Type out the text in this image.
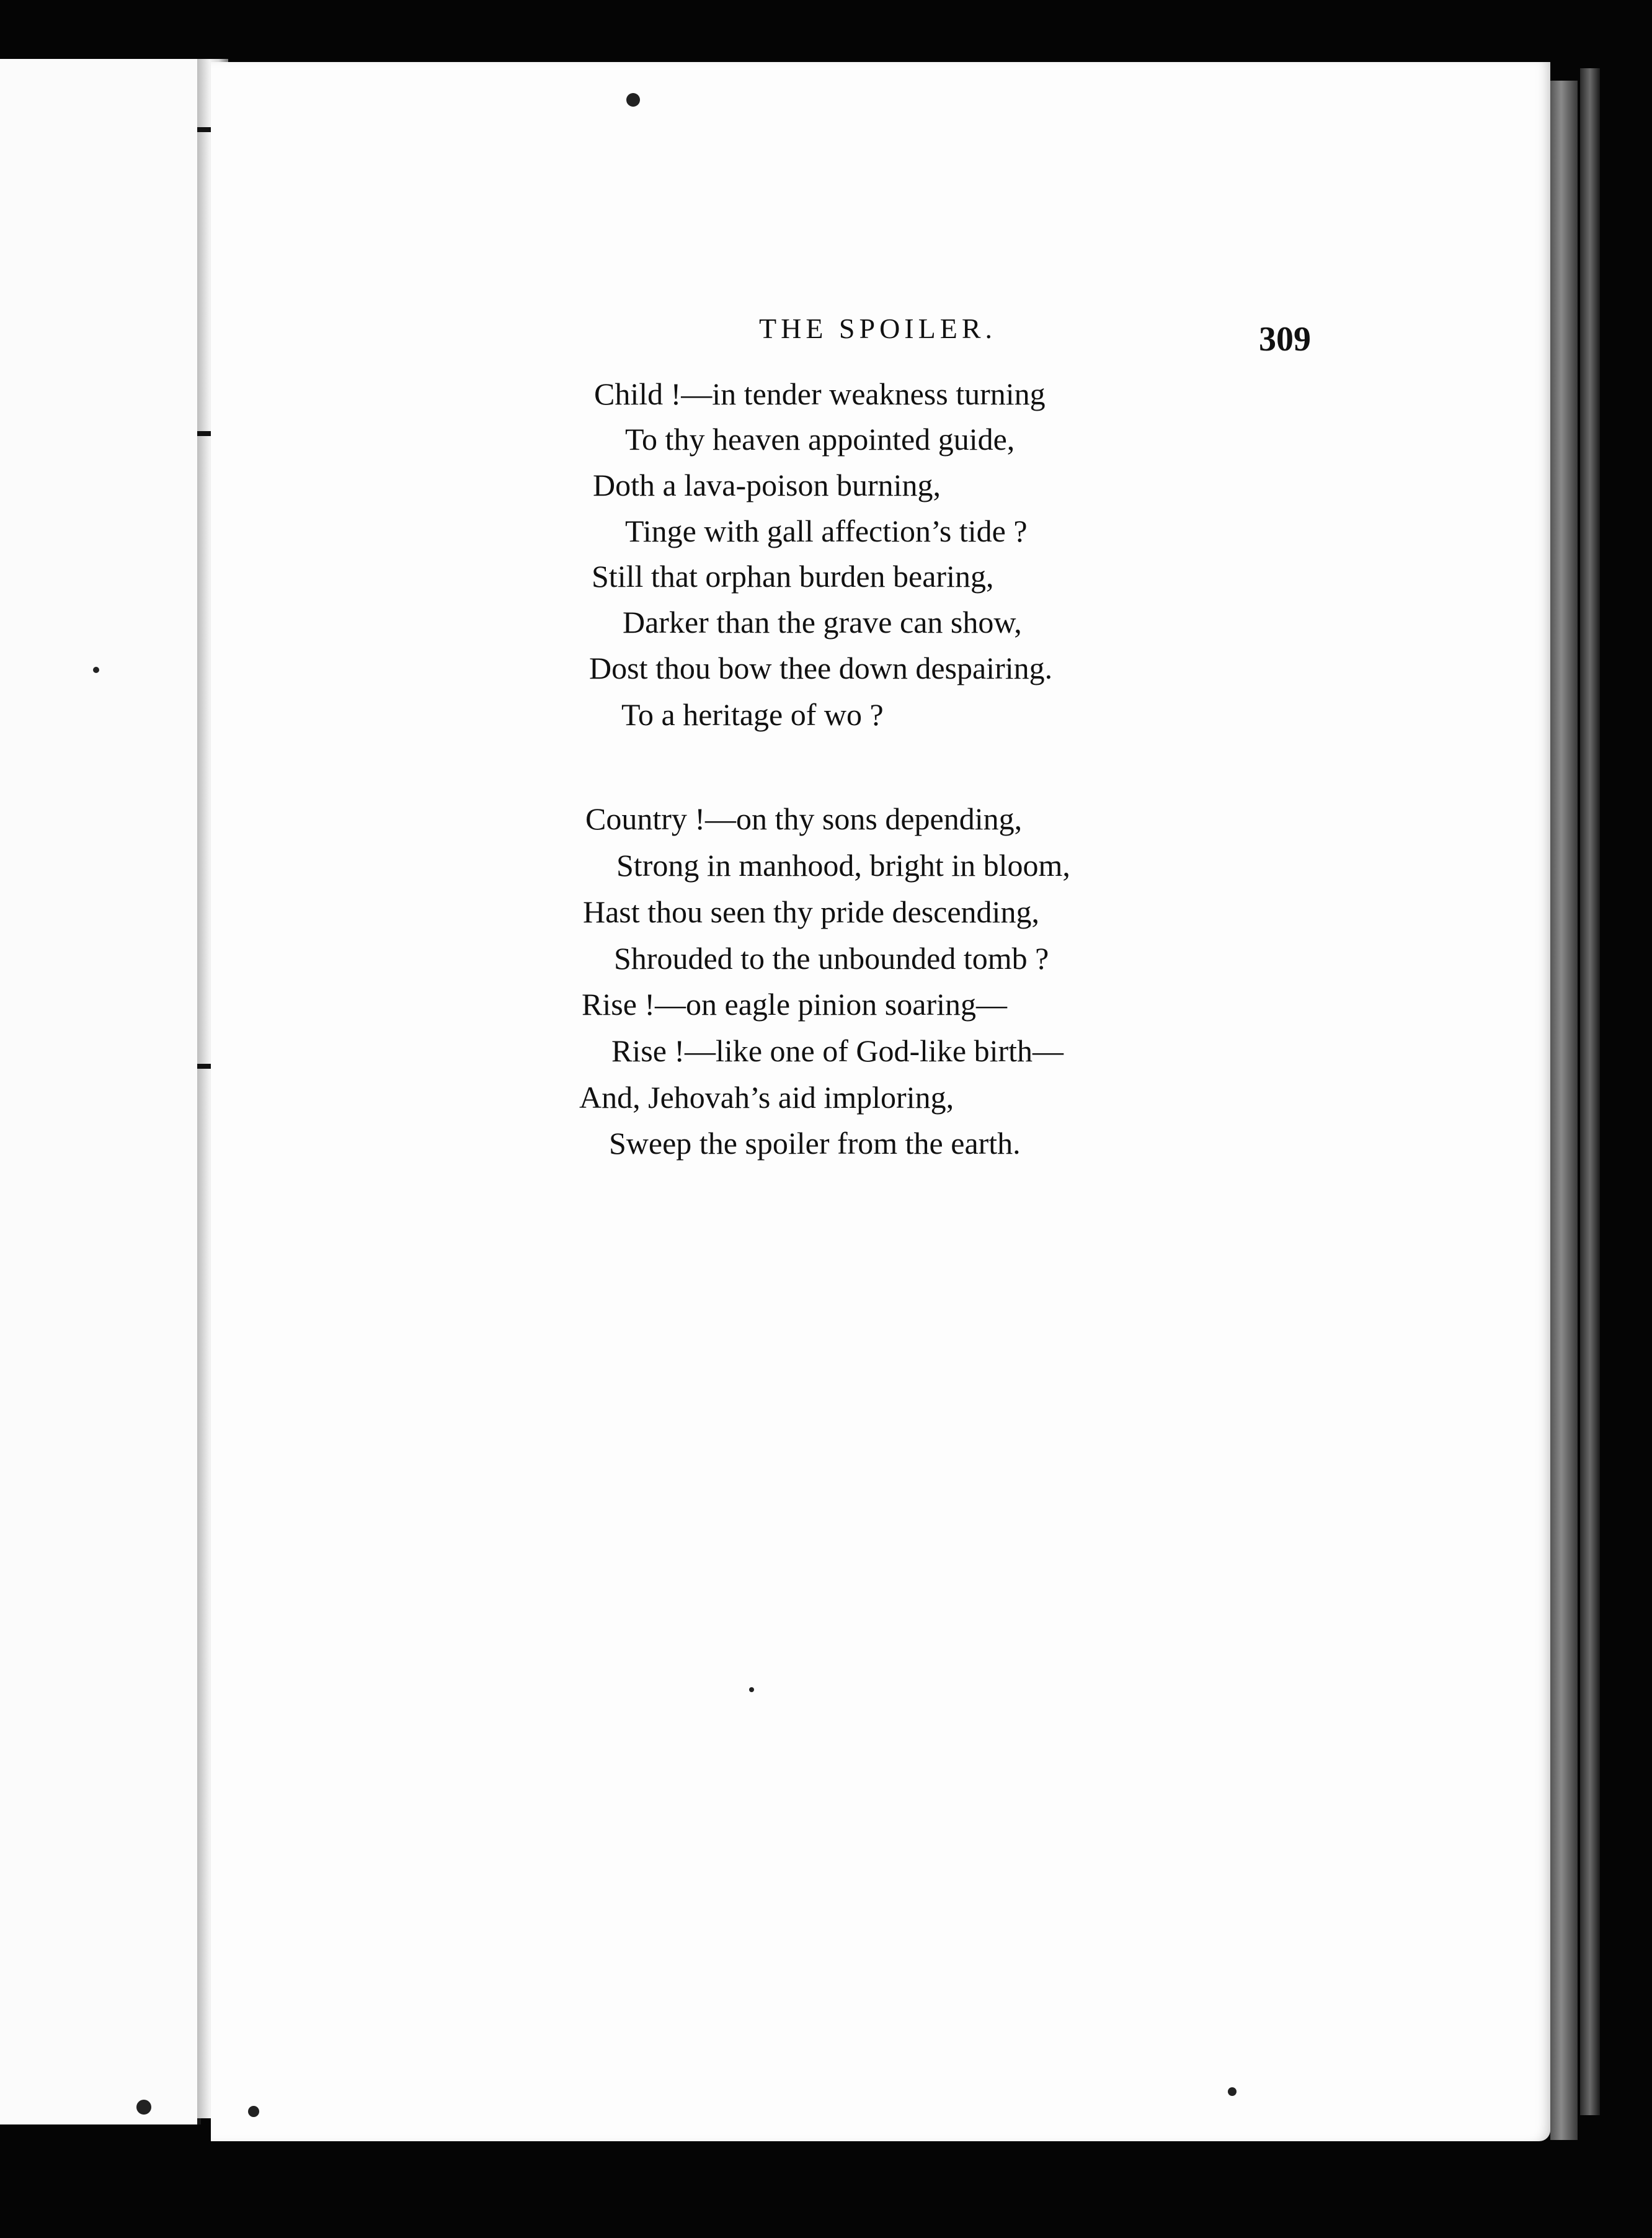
THE SPOILER.	309
Child !—in tender weakness turning
To thy heaven appointed guide,
Doth a lava-poison burning,
Tinge with gall affection’s tide ?
Still that orphan burden bearing,
Darker than the grave can show,
Dost thou bow thee down despairing.
To a heritage of wo ?
Country !—on thy sons depending,
Strong in manhood, bright in bloom,
Hast thou seen thy pride descending,
Shrouded to the unbounded tomb ?
Rise !—on eagle pinion soaring—
Rise !—like one of God-like birth—
And, Jehovah’s aid imploring,
Sweep the spoiler from the earth.
